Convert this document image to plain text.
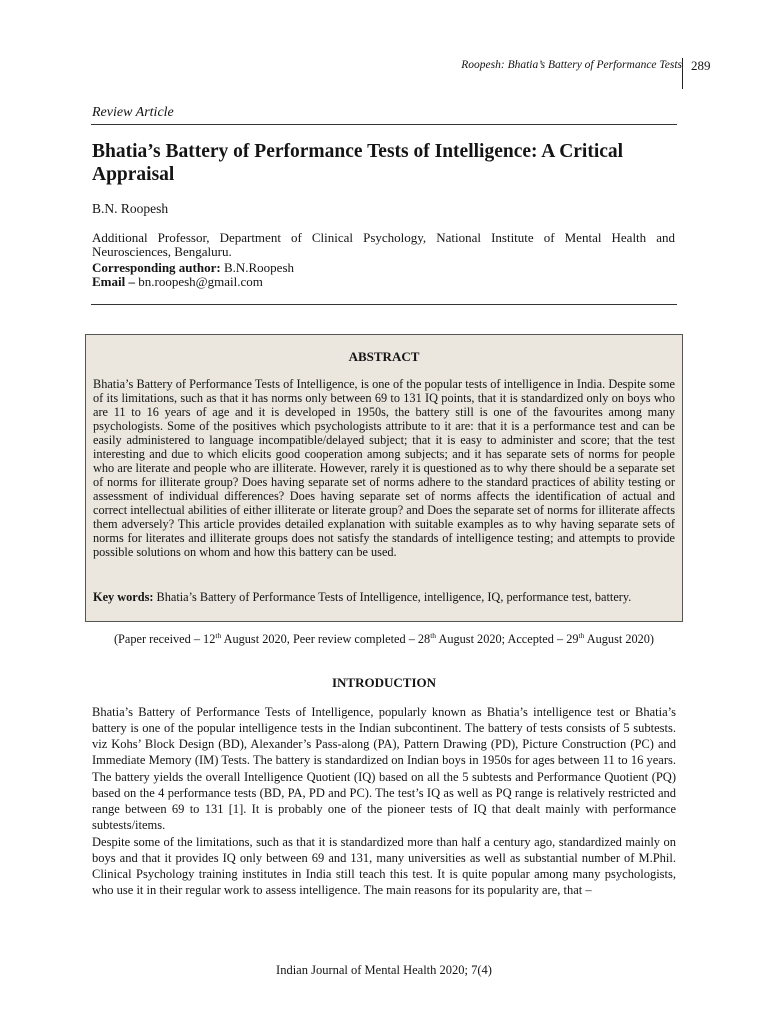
Roopesh: Bhatia’s Battery of Performance Tests 289
Review Article
Bhatia’s Battery of Performance Tests of Intelligence: A Critical Appraisal
B.N. Roopesh
Additional Professor, Department of Clinical Psychology, National Institute of Mental Health and Neurosciences, Bengaluru.
Corresponding author: B.N.Roopesh
Email – bn.roopesh@gmail.com
ABSTRACT

Bhatia’s Battery of Performance Tests of Intelligence, is one of the popular tests of intelligence in India. Despite some of its limitations, such as that it has norms only between 69 to 131 IQ points, that it is standardized only on boys who are 11 to 16 years of age and it is developed in 1950s, the battery still is one of the favourites among many psychologists. Some of the positives which psychologists attribute to it are: that it is a performance test and can be easily administered to language incompatible/delayed subject; that it is easy to administer and score; that the test interesting and due to which elicits good cooperation among subjects; and it has separate sets of norms for people who are literate and people who are illiterate. However, rarely it is questioned as to why there should be a separate set of norms for illiterate group? Does having separate set of norms adhere to the standard practices of ability testing or assessment of individual differences? Does having separate set of norms affects the identification of actual and correct intellectual abilities of either illiterate or literate group? and Does the separate set of norms for illiterate affects them adversely? This article provides detailed explanation with suitable examples as to why having separate sets of norms for literates and illiterate groups does not satisfy the standards of intelligence testing; and attempts to provide possible solutions on whom and how this battery can be used.

Key words: Bhatia’s Battery of Performance Tests of Intelligence, intelligence, IQ, performance test, battery.

(Paper received – 12th August 2020, Peer review completed – 28th August 2020; Accepted – 29th August 2020)
INTRODUCTION

Bhatia’s Battery of Performance Tests of Intelligence, popularly known as Bhatia’s intelligence test or Bhatia’s battery is one of the popular intelligence tests in the Indian subcontinent. The battery of tests consists of 5 subtests. viz Kohs’ Block Design (BD), Alexander’s Pass-along (PA), Pattern Drawing (PD), Picture Construction (PC) and Immediate Memory (IM) Tests. The battery is standardized on Indian boys in 1950s for ages between 11 to 16 years. The battery yields the overall Intelligence Quotient (IQ) based on all the 5 subtests and Performance Quotient (PQ) based on the 4 performance tests (BD, PA, PD and PC). The test’s IQ as well as PQ range is relatively restricted and range between 69 to 131 [1]. It is probably one of the pioneer tests of IQ that dealt mainly with performance subtests/items.

Despite some of the limitations, such as that it is standardized more than half a century ago, standardized mainly on boys and that it provides IQ only between 69 and 131, many universities as well as substantial number of M.Phil. Clinical Psychology training institutes in India still teach this test. It is quite popular among many psychologists, who use it in their regular work to assess intelligence. The main reasons for its popularity are, that –

Indian Journal of Mental Health 2020; 7(4)
